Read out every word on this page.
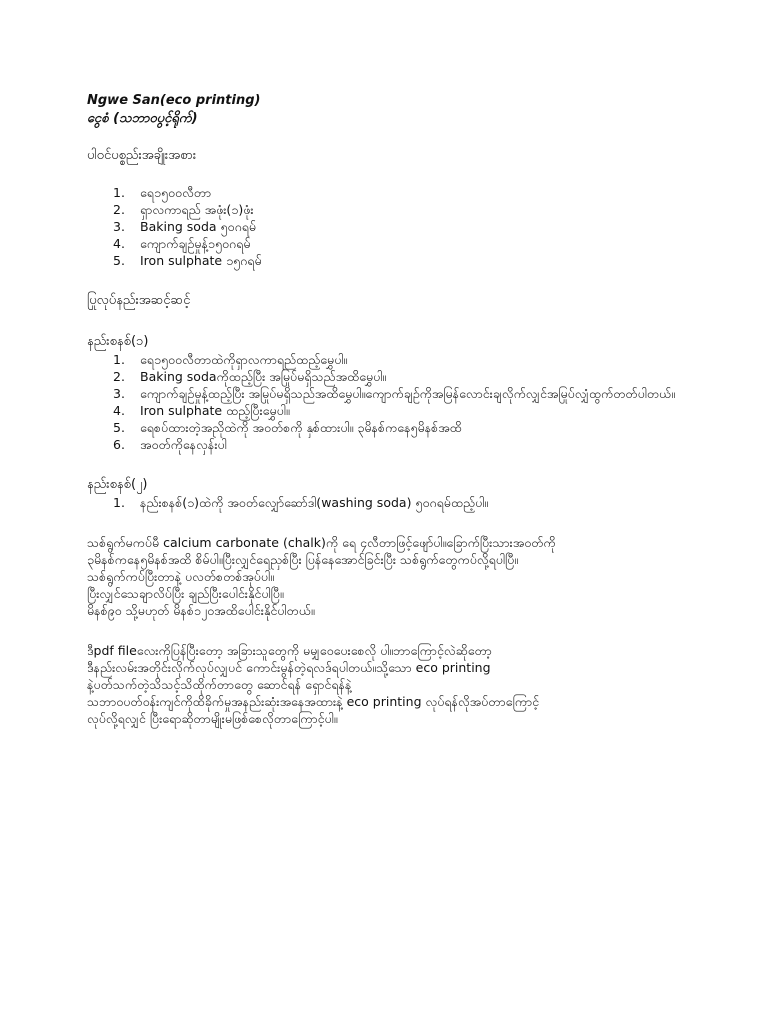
Ngwe San(eco printing)
ငွေစံ (သဘာဝပွင့်ရိုက်)
ပါဝင်ပစ္စည်းအချိုးအစား
1.	ရေ၁၅၀၀လီတာ
2.	ရှာလကာရည် အဖုံး(၁)ဖုံး
3.	Baking soda ၅၀ဂရမ်
4.	ကျောက်ချဉ်မှုန့်၁၅၀ဂရမ်
5.	Iron sulphate ၁၅ဂရမ်
ပြုလုပ်နည်းအဆင့်ဆင့်
နည်းစနစ်(၁)
1.	ရေ၁၅၀၀လီတာထဲကိုရှာလကာရည်ထည့်မွှေပါ။
2.	Baking sodaကိုထည့်ပြီး အမြုပ်မရှိသည်အထိမွှေပါ။
3.	ကျောက်ချဉ်မှုန့်ထည့်ပြီး အမြုပ်မရှိသည်အထိမွှေပါ။ကျောက်ချဉ်ကိုအမြန်လောင်းချလိုက်လျှင်အမြုပ်လျှံထွက်တတ်ပါတယ်။
4.	Iron sulphate ထည့်ပြီးမွှေပါ။
5.	ရေစပ်ထားတဲ့အညိုထဲကို အဝတ်စကို နှစ်ထားပါ။ ၃မိနစ်ကနေ၅မိနစ်အထိ
6.	အဝတ်ကိုနေလှန်းပါ
နည်းစနစ်(၂)
1.	နည်းစနစ်(၁)ထဲကို အဝတ်လျှော်ဆော်ဒါ(washing soda) ၅၀ဂရမ်ထည့်ပါ။

သစ်ရွက်မကပ်မီ calcium carbonate (chalk)ကို ရေ ၄လီတာဖြင့်ဖျော်ပါ။ခြောက်ပြီးသားအဝတ်ကို

၃မိနစ်ကနေ၅မိနစ်အထိ စိမ်ပါ။ပြီးလျှင်ရေညှစ်ပြီး ပြန်နေအောင်ခြင်းပြီး သစ်ရွက်တွေကပ်လို့ရပါပြီ။

သစ်ရွက်ကပ်ပြီးတာနဲ့ ပလတ်စတစ်အုပ်ပါ။

ပြီးလျှင်သေချာလိပ်ပြီး ချည်ပြီးပေါင်းနိုင်ပါပြီ။

မိနစ်၉၀ သို့မဟုတ် မိနစ်၁၂၀အထိပေါင်းနိုင်ပါတယ်။

ဒီpdf fileလေးကိုပြန်ပြီးတော့ အခြားသူတွေကို မမျှဝေပေးစေလို ပါ။ဘာကြောင့်လဲဆိုတော့

ဒီနည်းလမ်းအတိုင်းလိုက်လုပ်လျှပင် ကောင်းမွန်တဲ့ရလဒ်ရပါတယ်။သို့သော eco printing

နဲ့ပတ်သက်တဲ့သိသင့်သိထိုက်တာတွေ ဆောင်ရန် ရှောင်ရန်နဲ့

သဘာဝပတ်ဝန်းကျင်ကိုထိခိုက်မှုအနည်းဆုံးအနေအထားနဲ့ eco printing လုပ်ရန်လိုအပ်တာကြောင့်

လုပ်လို့ရလျှင် ပြီးရောဆိုတာမျိုးမဖြစ်စေလိုတာကြောင့်ပါ။
